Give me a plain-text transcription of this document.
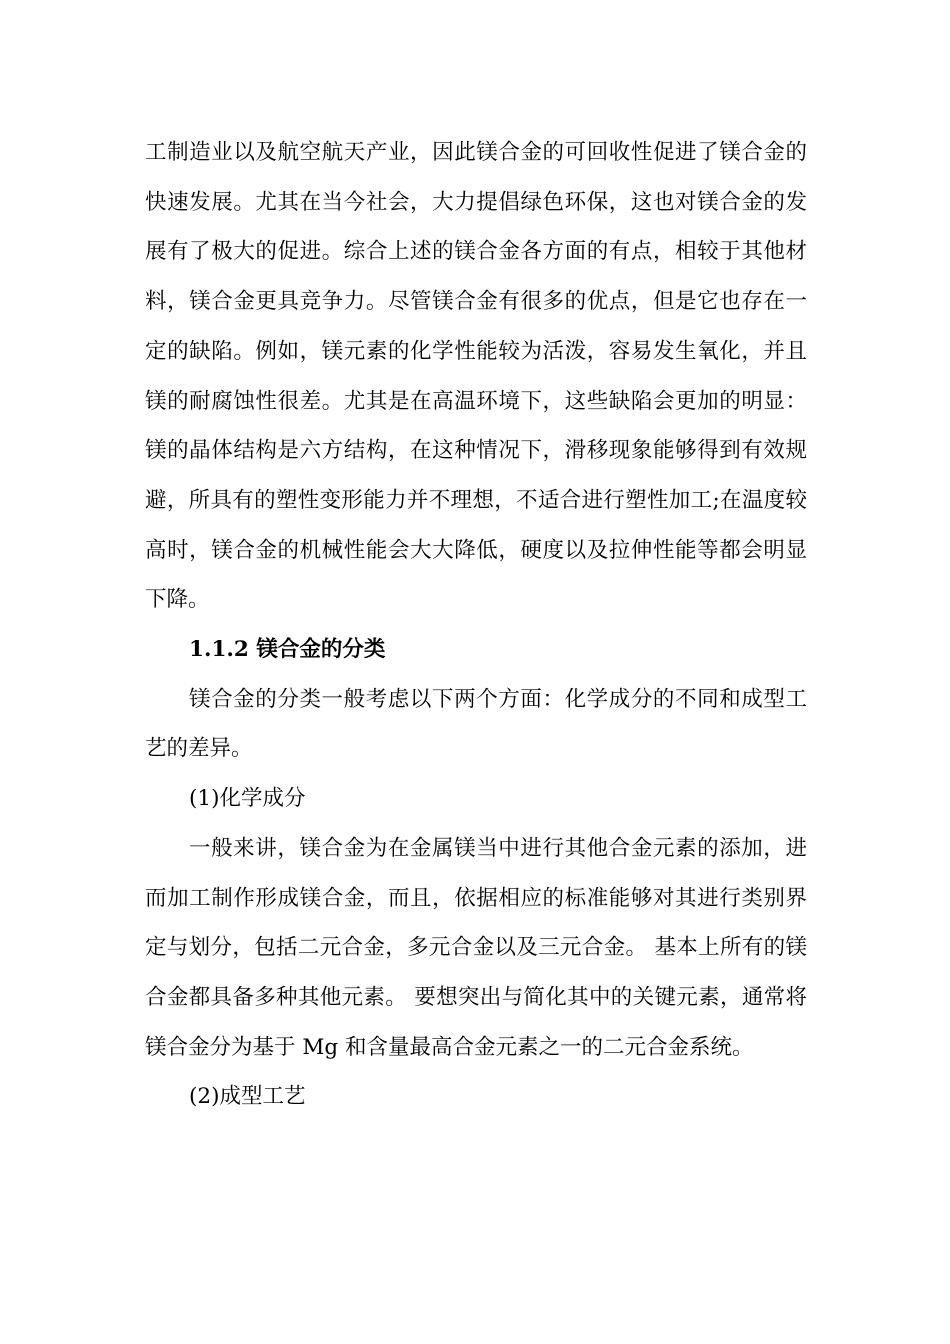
工制造业以及航空航天产业，因此镁合金的可回收性促进了镁合金的快速发展。尤其在当今社会，大力提倡绿色环保，这也对镁合金的发展有了极大的促进。综合上述的镁合金各方面的有点，相较于其他材料，镁合金更具竞争力。尽管镁合金有很多的优点，但是它也存在一定的缺陷。例如，镁元素的化学性能较为活泼，容易发生氧化，并且镁的耐腐蚀性很差。尤其是在高温环境下，这些缺陷会更加的明显：镁的晶体结构是六方结构，在这种情况下，滑移现象能够得到有效规避，所具有的塑性变形能力并不理想，不适合进行塑性加工;在温度较高时，镁合金的机械性能会大大降低，硬度以及拉伸性能等都会明显下降。

1.1.2 镁合金的分类

镁合金的分类一般考虑以下两个方面：化学成分的不同和成型工艺的差异。

(1)化学成分

一般来讲，镁合金为在金属镁当中进行其他合金元素的添加，进而加工制作形成镁合金，而且，依据相应的标准能够对其进行类别界定与划分，包括二元合金，多元合金以及三元合金。 基本上所有的镁合金都具备多种其他元素。 要想突出与简化其中的关键元素，通常将镁合金分为基于 Mg 和含量最高合金元素之一的二元合金系统。

(2)成型工艺
